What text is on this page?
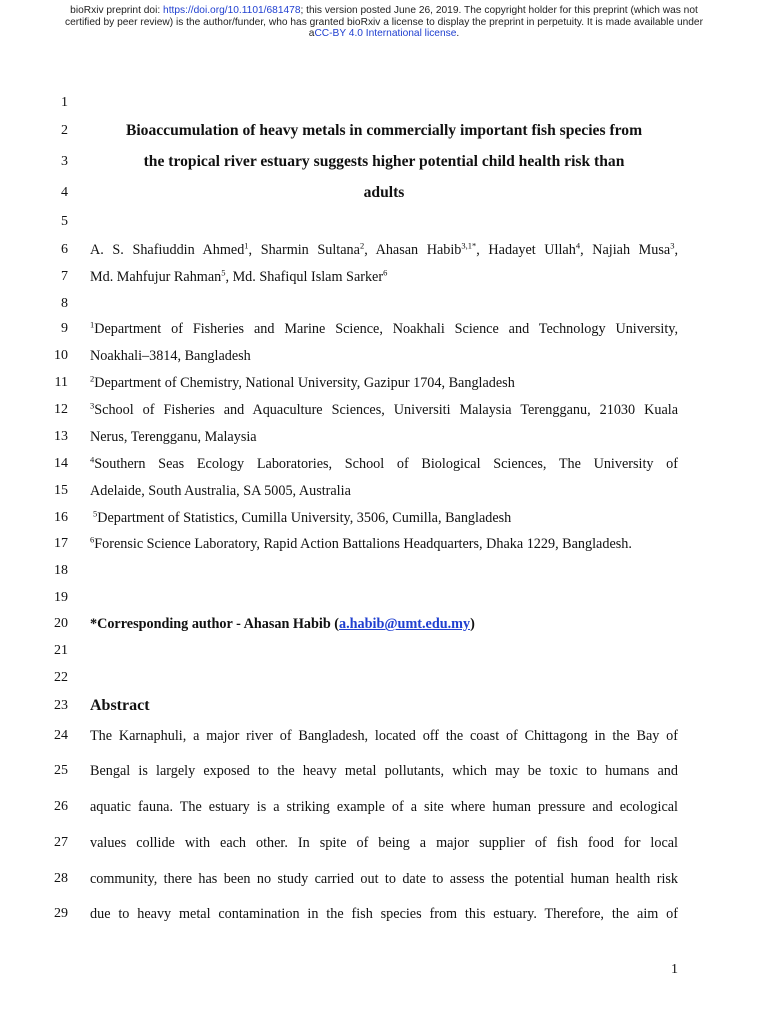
bioRxiv preprint doi: https://doi.org/10.1101/681478; this version posted June 26, 2019. The copyright holder for this preprint (which was not
certified by peer review) is the author/funder, who has granted bioRxiv a license to display the preprint in perpetuity. It is made available under
aCC-BY 4.0 International license.
1
2
3
4
5
6
7
8
9
10
11
12
13
14
15
16
17
18
19
20
21
22
23
24
25
26
27
28
29
Bioaccumulation of heavy metals in commercially important fish species from
the tropical river estuary suggests higher potential child health risk than
adults
A. S. Shafiuddin Ahmed$^1$, Sharmin Sultana$^2$, Ahasan Habib$^{3,1*}$, Hadayet Ullah$^4$, Najiah Musa$^3$,
Md. Mahfujur Rahman$^5$, Md. Shafiqul Islam Sarker$^6$
$^1$Department of Fisheries and Marine Science, Noakhali Science and Technology University,
Noakhali–3814, Bangladesh
$^2$Department of Chemistry, National University, Gazipur 1704, Bangladesh
$^3$School of Fisheries and Aquaculture Sciences, Universiti Malaysia Terengganu, 21030 Kuala
Nerus, Terengganu, Malaysia
$^4$Southern Seas Ecology Laboratories, School of Biological Sciences, The University of
Adelaide, South Australia, SA 5005, Australia
$^5$Department of Statistics, Cumilla University, 3506, Cumilla, Bangladesh
$^6$Forensic Science Laboratory, Rapid Action Battalions Headquarters, Dhaka 1229, Bangladesh.
*Corresponding author - Ahasan Habib (a.habib@umt.edu.my)
Abstract
The Karnaphuli, a major river of Bangladesh, located off the coast of Chittagong in the Bay of
Bengal is largely exposed to the heavy metal pollutants, which may be toxic to humans and
aquatic fauna. The estuary is a striking example of a site where human pressure and ecological
values collide with each other. In spite of being a major supplier of fish food for local
community, there has been no study carried out to date to assess the potential human health risk
due to heavy metal contamination in the fish species from this estuary. Therefore, the aim of
1
